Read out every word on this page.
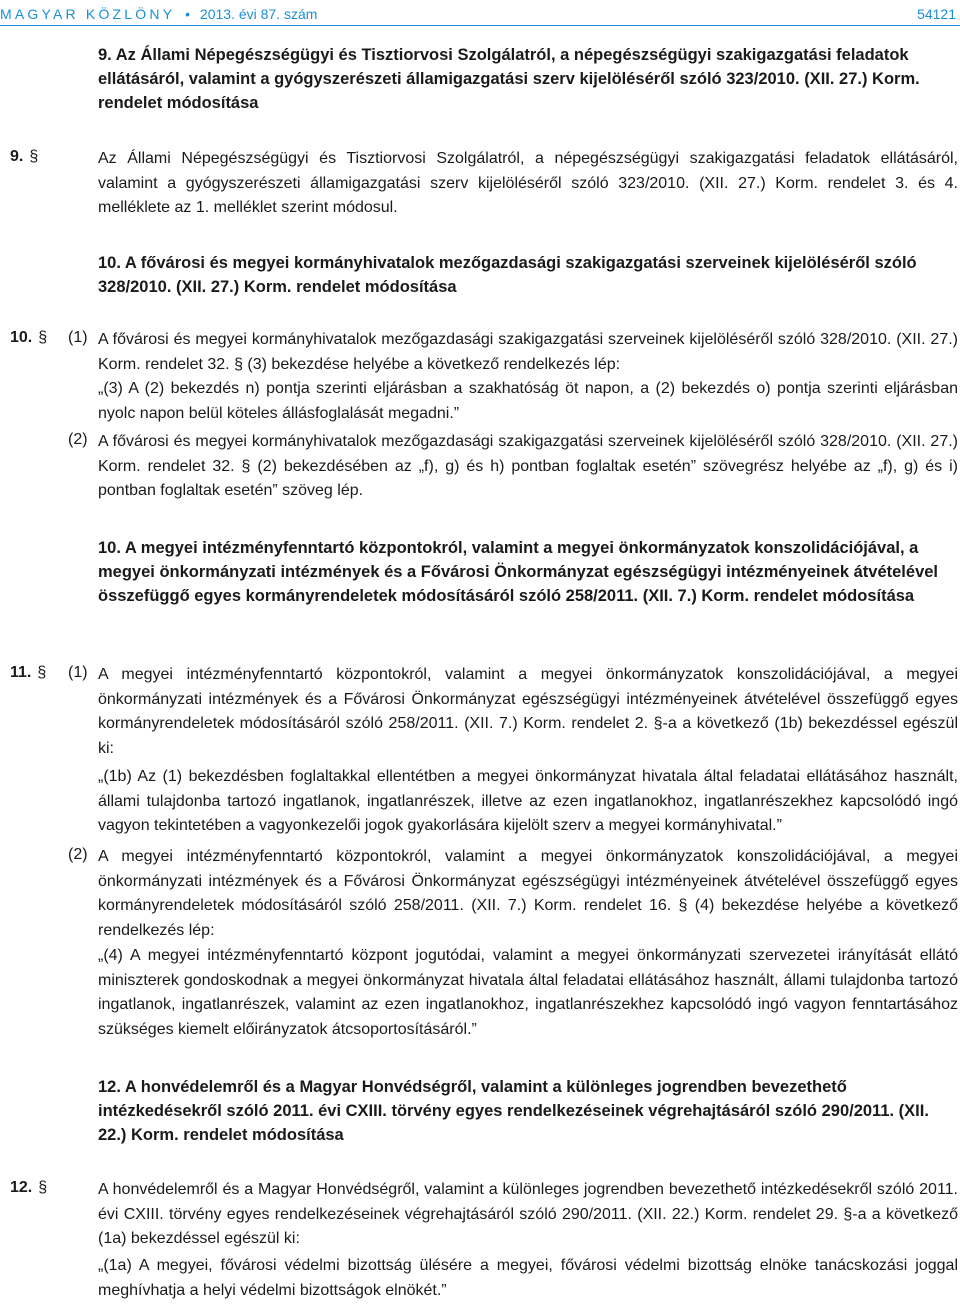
MAGYAR KÖZLÖNY • 2013. évi 87. szám	54121
9. Az Állami Népegészségügyi és Tisztiorvosi Szolgálatról, a népegészségügyi szakigazgatási feladatok ellátásáról, valamint a gyógyszerészeti államigazgatási szerv kijelöléséről szóló 323/2010. (XII. 27.) Korm. rendelet módosítása
9. §	Az Állami Népegészségügyi és Tisztiorvosi Szolgálatról, a népegészségügyi szakigazgatási feladatok ellátásáról, valamint a gyógyszerészeti államigazgatási szerv kijelöléséről szóló 323/2010. (XII. 27.) Korm. rendelet 3. és 4. melléklete az 1. melléklet szerint módosul.
10. A fővárosi és megyei kormányhivatalok mezőgazdasági szakigazgatási szerveinek kijelöléséről szóló 328/2010. (XII. 27.) Korm. rendelet módosítása
10. § (1) A fővárosi és megyei kormányhivatalok mezőgazdasági szakigazgatási szerveinek kijelöléséről szóló 328/2010. (XII. 27.) Korm. rendelet 32. § (3) bekezdése helyébe a következő rendelkezés lép:
„(3) A (2) bekezdés n) pontja szerinti eljárásban a szakhatóság öt napon, a (2) bekezdés o) pontja szerinti eljárásban nyolc napon belül köteles állásfoglalását megadni.”
(2) A fővárosi és megyei kormányhivatalok mezőgazdasági szakigazgatási szerveinek kijelöléséről szóló 328/2010. (XII. 27.) Korm. rendelet 32. § (2) bekezdésében az „f), g) és h) pontban foglaltak esetén” szövegrész helyébe az „f), g) és i) pontban foglaltak esetén” szöveg lép.
10. A megyei intézményfenntartó központokról, valamint a megyei önkormányzatok konszolidációjával, a megyei önkormányzati intézmények és a Fővárosi Önkormányzat egészségügyi intézményeinek átvételével összefüggő egyes kormányrendeletek módosításáról szóló 258/2011. (XII. 7.) Korm. rendelet módosítása
11. § (1) A megyei intézményfenntartó központokról, valamint a megyei önkormányzatok konszolidációjával, a megyei önkormányzati intézmények és a Fővárosi Önkormányzat egészségügyi intézményeinek átvételével összefüggő egyes kormányrendeletek módosításáról szóló 258/2011. (XII. 7.) Korm. rendelet 2. §-a a következő (1b) bekezdéssel egészül ki:
„(1b) Az (1) bekezdésben foglaltakkal ellentétben a megyei önkormányzat hivatala által feladatai ellátásához használt, állami tulajdonba tartozó ingatlanok, ingatlanrészek, illetve az ezen ingatlanokhoz, ingatlanrészekhez kapcsolódó ingó vagyon tekintetében a vagyonkezelői jogok gyakorlására kijelölt szerv a megyei kormányhivatal.”
(2) A megyei intézményfenntartó központokról, valamint a megyei önkormányzatok konszolidációjával, a megyei önkormányzati intézmények és a Fővárosi Önkormányzat egészségügyi intézményeinek átvételével összefüggő egyes kormányrendeletek módosításáról szóló 258/2011. (XII. 7.) Korm. rendelet 16. § (4) bekezdése helyébe a következő rendelkezés lép:
„(4) A megyei intézményfenntartó központ jogutódai, valamint a megyei önkormányzati szervezetei irányítását ellátó miniszterek gondoskodnak a megyei önkormányzat hivatala által feladatai ellátásához használt, állami tulajdonba tartozó ingatlanok, ingatlanrészek, valamint az ezen ingatlanokhoz, ingatlanrészekhez kapcsolódó ingó vagyon fenntartásához szükséges kiemelt előirányzatok átcsoportosításáról.”
12. A honvédelemről és a Magyar Honvédségről, valamint a különleges jogrendben bevezethető intézkedésekről szóló 2011. évi CXIII. törvény egyes rendelkezéseinek végrehajtásáról szóló 290/2011. (XII. 22.) Korm. rendelet módosítása
12. §	A honvédelemről és a Magyar Honvédségről, valamint a különleges jogrendben bevezethető intézkedésekről szóló 2011. évi CXIII. törvény egyes rendelkezéseinek végrehajtásáról szóló 290/2011. (XII. 22.) Korm. rendelet 29. §-a a következő (1a) bekezdéssel egészül ki:
„(1a) A megyei, fővárosi védelmi bizottság ülésére a megyei, fővárosi védelmi bizottság elnöke tanácskozási joggal meghívhatja a helyi védelmi bizottságok elnökét.”
